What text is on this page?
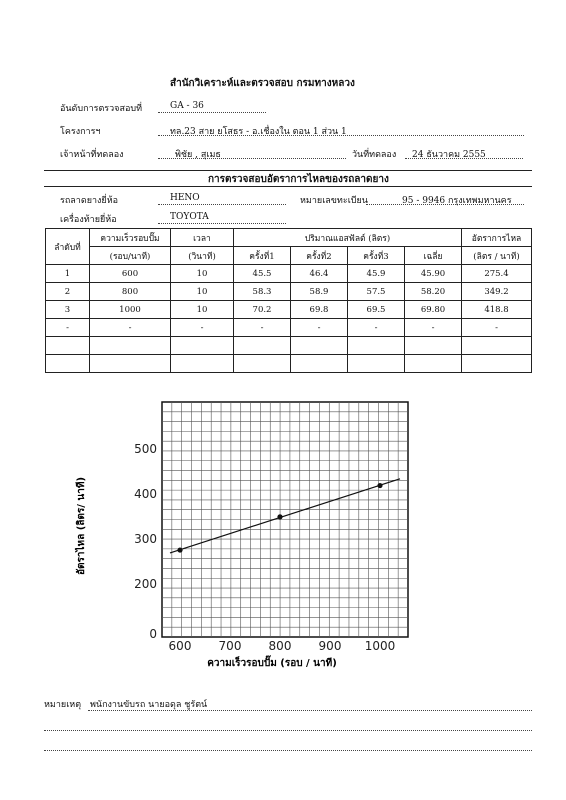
สำนักวิเคราะห์และตรวจสอบ กรมทางหลวง
อันดับการตรวจสอบที่	GA - 36
โครงการฯ	ทล.23 สาย ยโสธร - อ.เชื่องใน ตอน 1 ส่วน 1
เจ้าหน้าที่ทดลอง	พิชัย , สุเมธ	วันที่ทดลอง 24 ธันวาคม 2555
การตรวจสอบอัตราการไหลของรถลาดยาง
รถลาดยางยี่ห้อ	HENO	หมายเลขทะเบียน	95 - 9946 กรุงเทพมหานคร
เครื่องท้ายยี่ห้อ	TOYOTA
ลำดับที่	ความเร็วรอบปั๊ม	เวลา	ปริมาณแอสฟัลต์ (ลิตร)				อัตราการไหล
	(รอบ/นาที)	(วินาที)	ครั้งที่1	ครั้งที่2	ครั้งที่3	เฉลี่ย	(ลิตร / นาที)
1	600	10	45.5	46.4	45.9	45.90	275.4
2	800	10	58.3	58.9	57.5	58.20	349.2
3	1000	10	70.2	69.8	69.5	69.80	418.8
-	-	-	-	-	-	-	-

600 700 800 900 1000
0
200
300
400
500
ความเร็วรอบปั๊ม (รอบ / นาที)
อัตราไหล (ลิตร/ นาที)
หมายเหตุ พนักงานขับรถ นายอดุล ชูรัตน์
